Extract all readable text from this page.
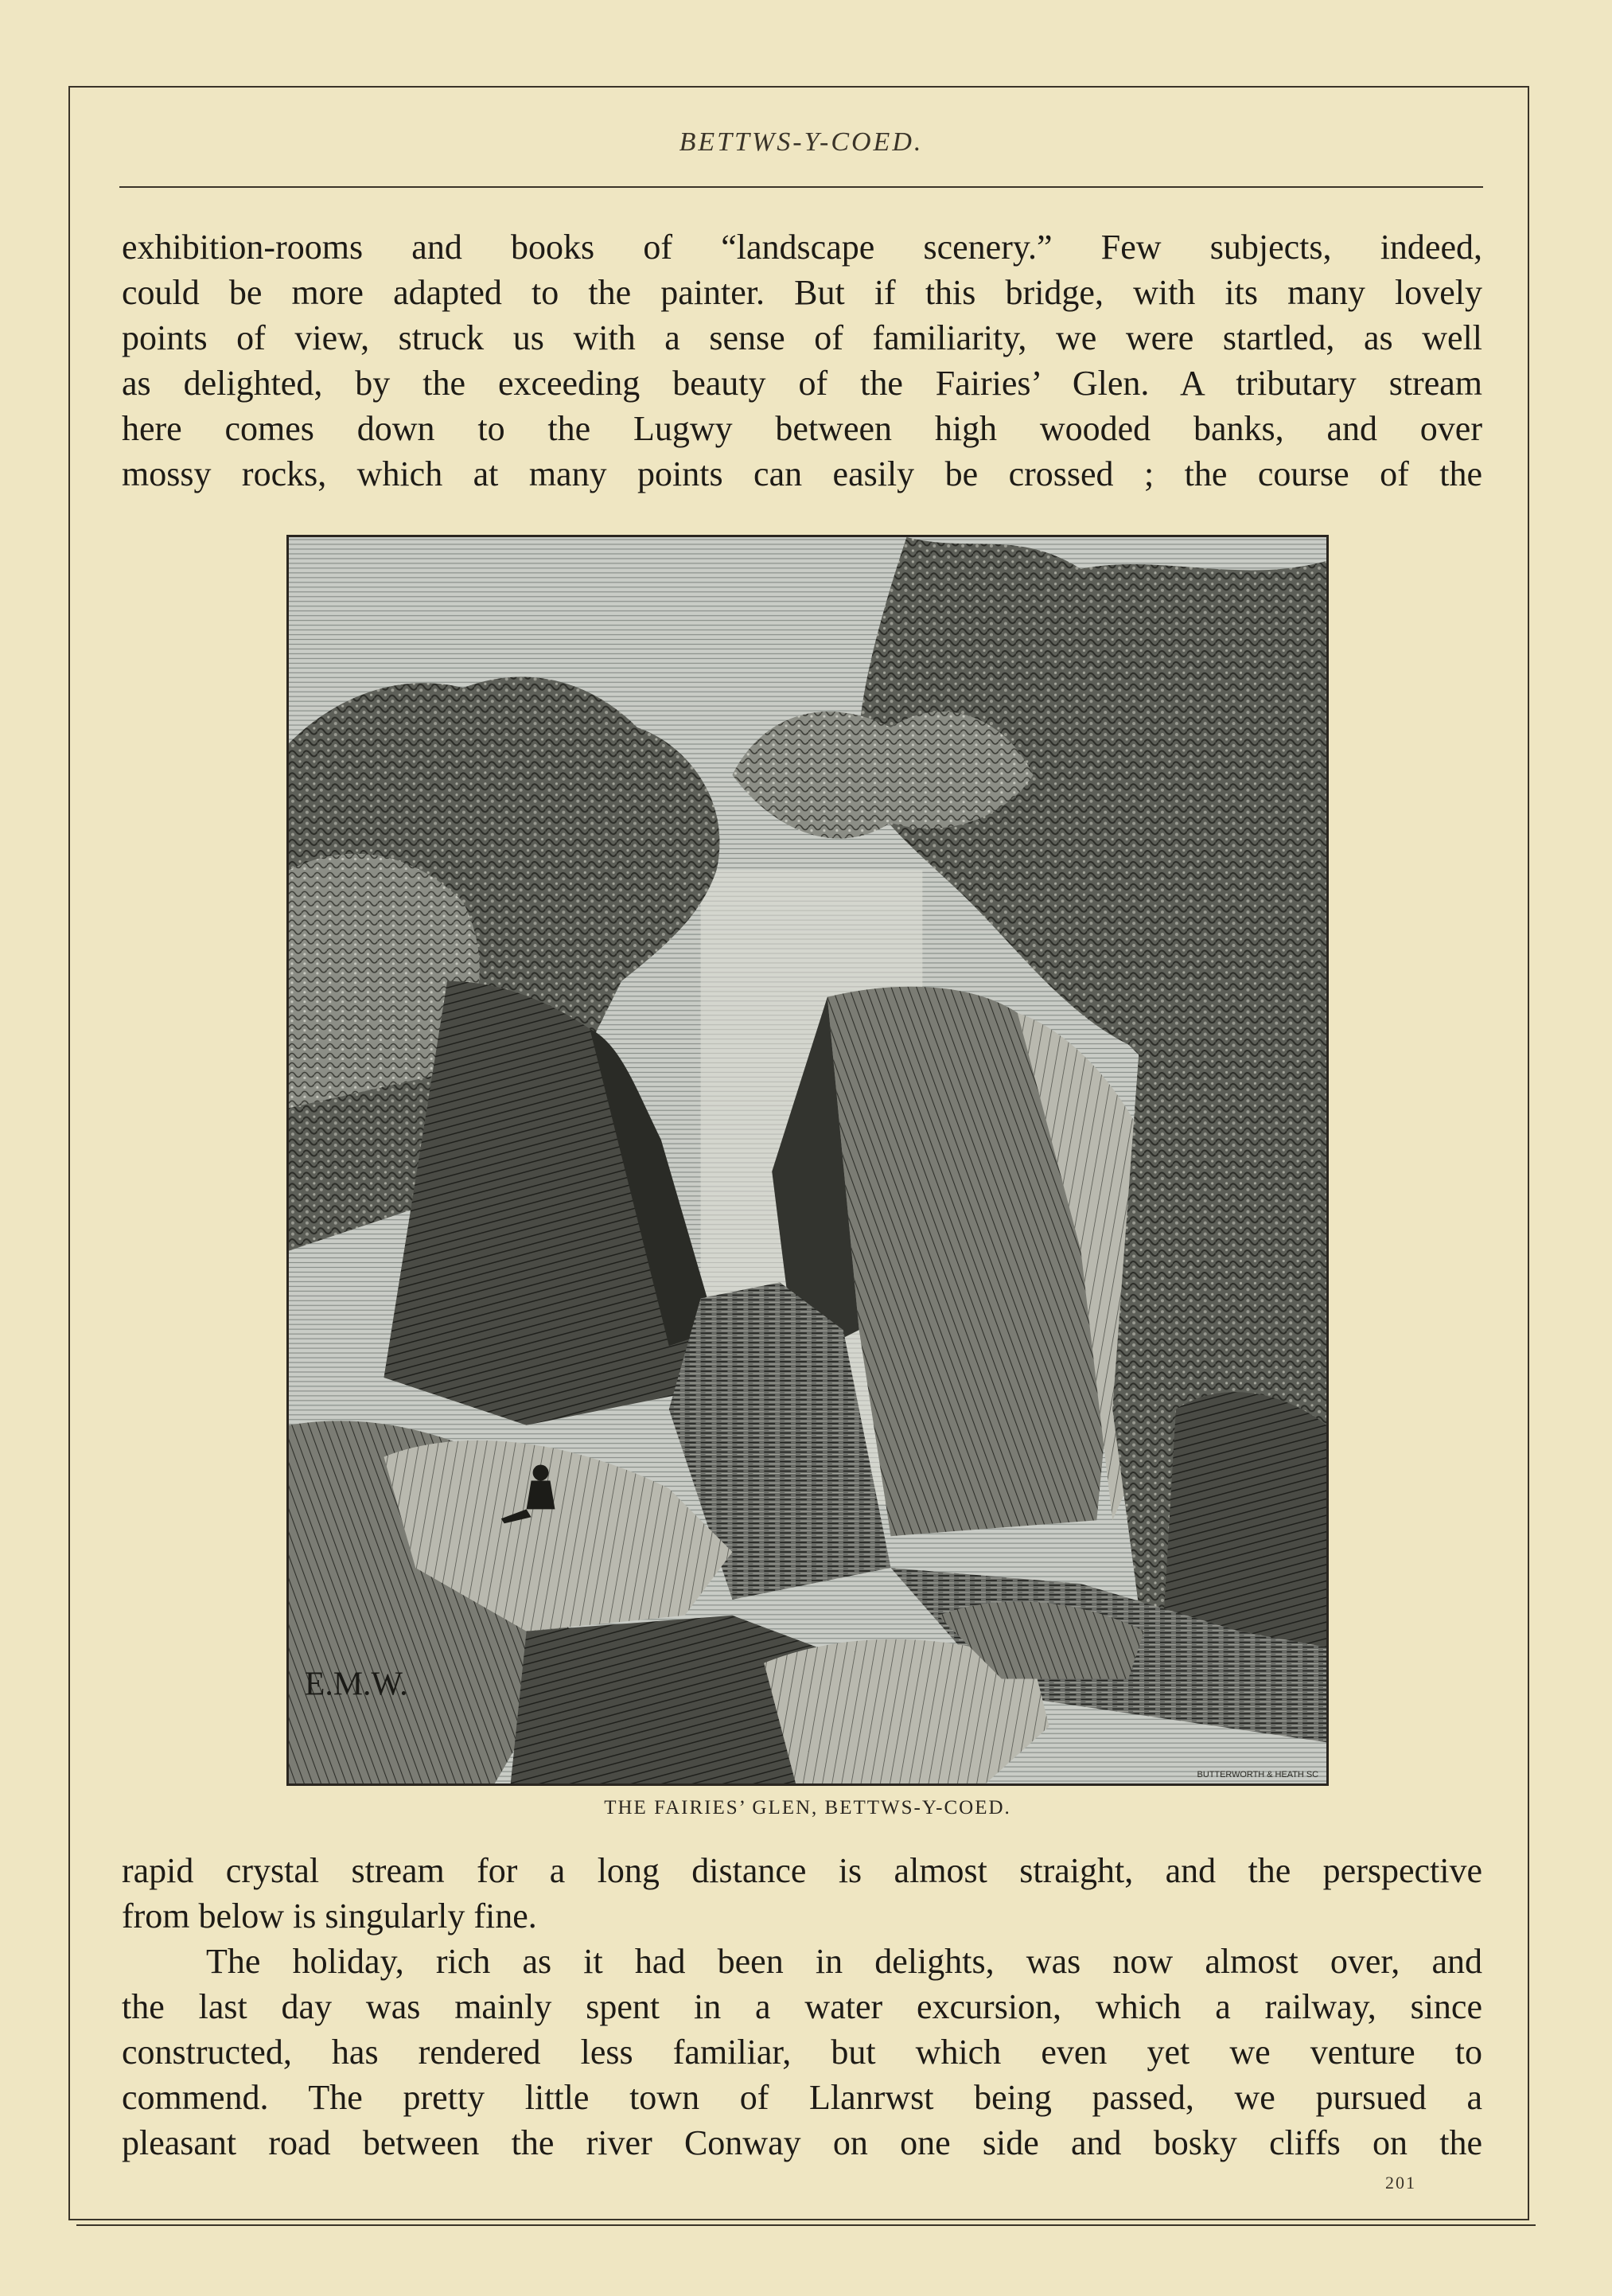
BETTWS-Y-COED.

exhibition-rooms and books of “landscape scenery.” Few subjects, indeed,
could be more adapted to the painter. But if this bridge, with its many lovely
points of view, struck us with a sense of familiarity, we were startled, as well
as delighted, by the exceeding beauty of the Fairies’ Glen. A tributary stream
here comes down to the Lugwy between high wooded banks, and over
mossy rocks, which at many points can easily be crossed ; the course of the

E.M.W.
BUTTERWORTH & HEATH SC
THE FAIRIES’ GLEN, BETTWS-Y-COED.

rapid crystal stream for a long distance is almost straight, and the perspective
from below is singularly fine.

The holiday, rich as it had been in delights, was now almost over, and
the last day was mainly spent in a water excursion, which a railway, since
constructed, has rendered less familiar, but which even yet we venture to
commend. The pretty little town of Llanrwst being passed, we pursued a
pleasant road between the river Conway on one side and bosky cliffs on the

201
